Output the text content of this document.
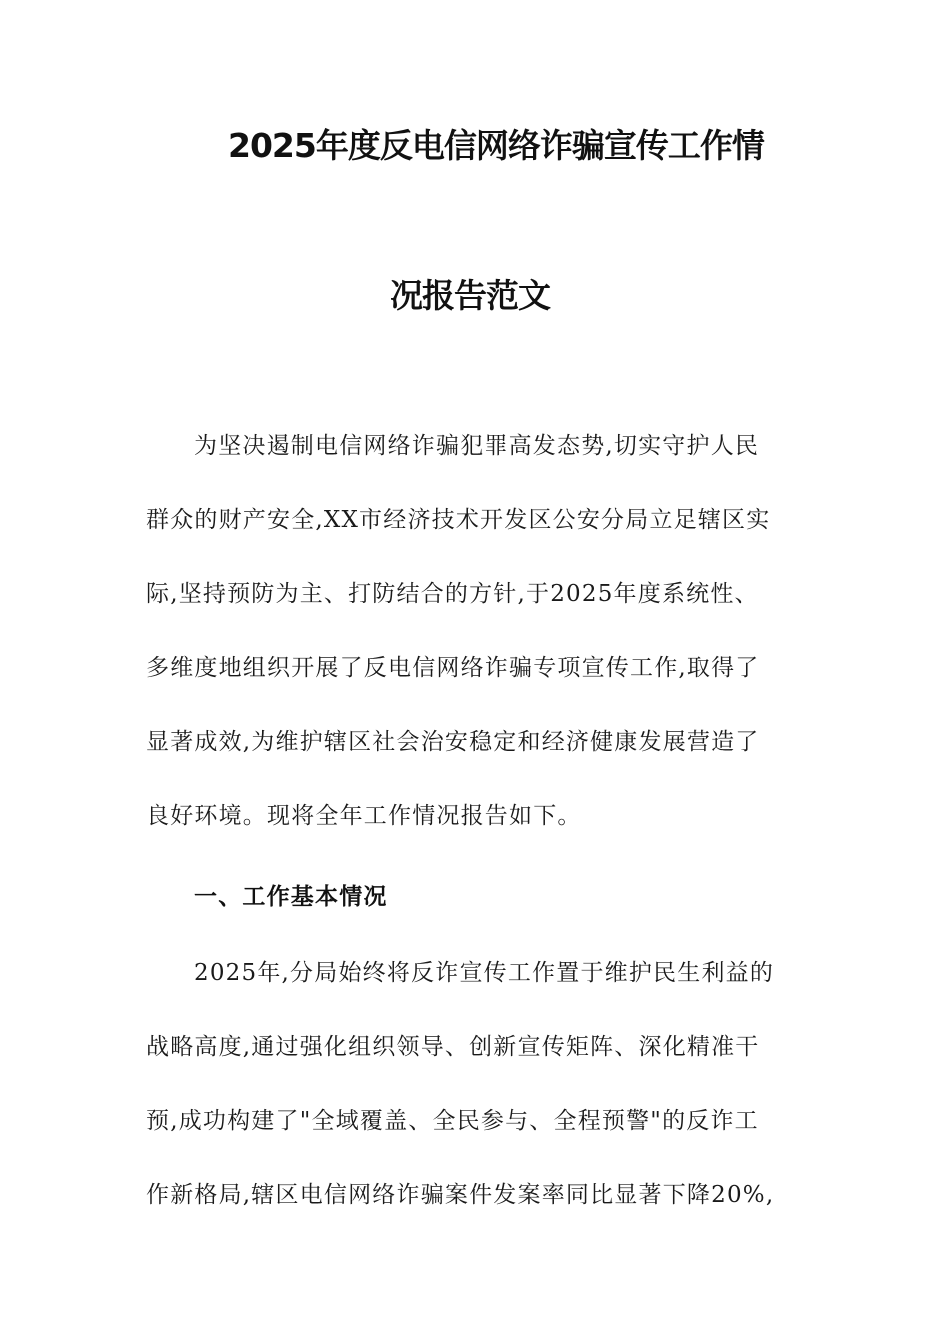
2025年度反电信网络诈骗宣传工作情
况报告范文
为坚决遏制电信网络诈骗犯罪高发态势,切实守护人民
群众的财产安全,XX市经济技术开发区公安分局立足辖区实
际,坚持预防为主、打防结合的方针,于2025年度系统性、
多维度地组织开展了反电信网络诈骗专项宣传工作,取得了
显著成效,为维护辖区社会治安稳定和经济健康发展营造了
良好环境。现将全年工作情况报告如下。
一、工作基本情况
2025年,分局始终将反诈宣传工作置于维护民生利益的
战略高度,通过强化组织领导、创新宣传矩阵、深化精准干
预,成功构建了"全域覆盖、全民参与、全程预警"的反诈工
作新格局,辖区电信网络诈骗案件发案率同比显著下降20%,
